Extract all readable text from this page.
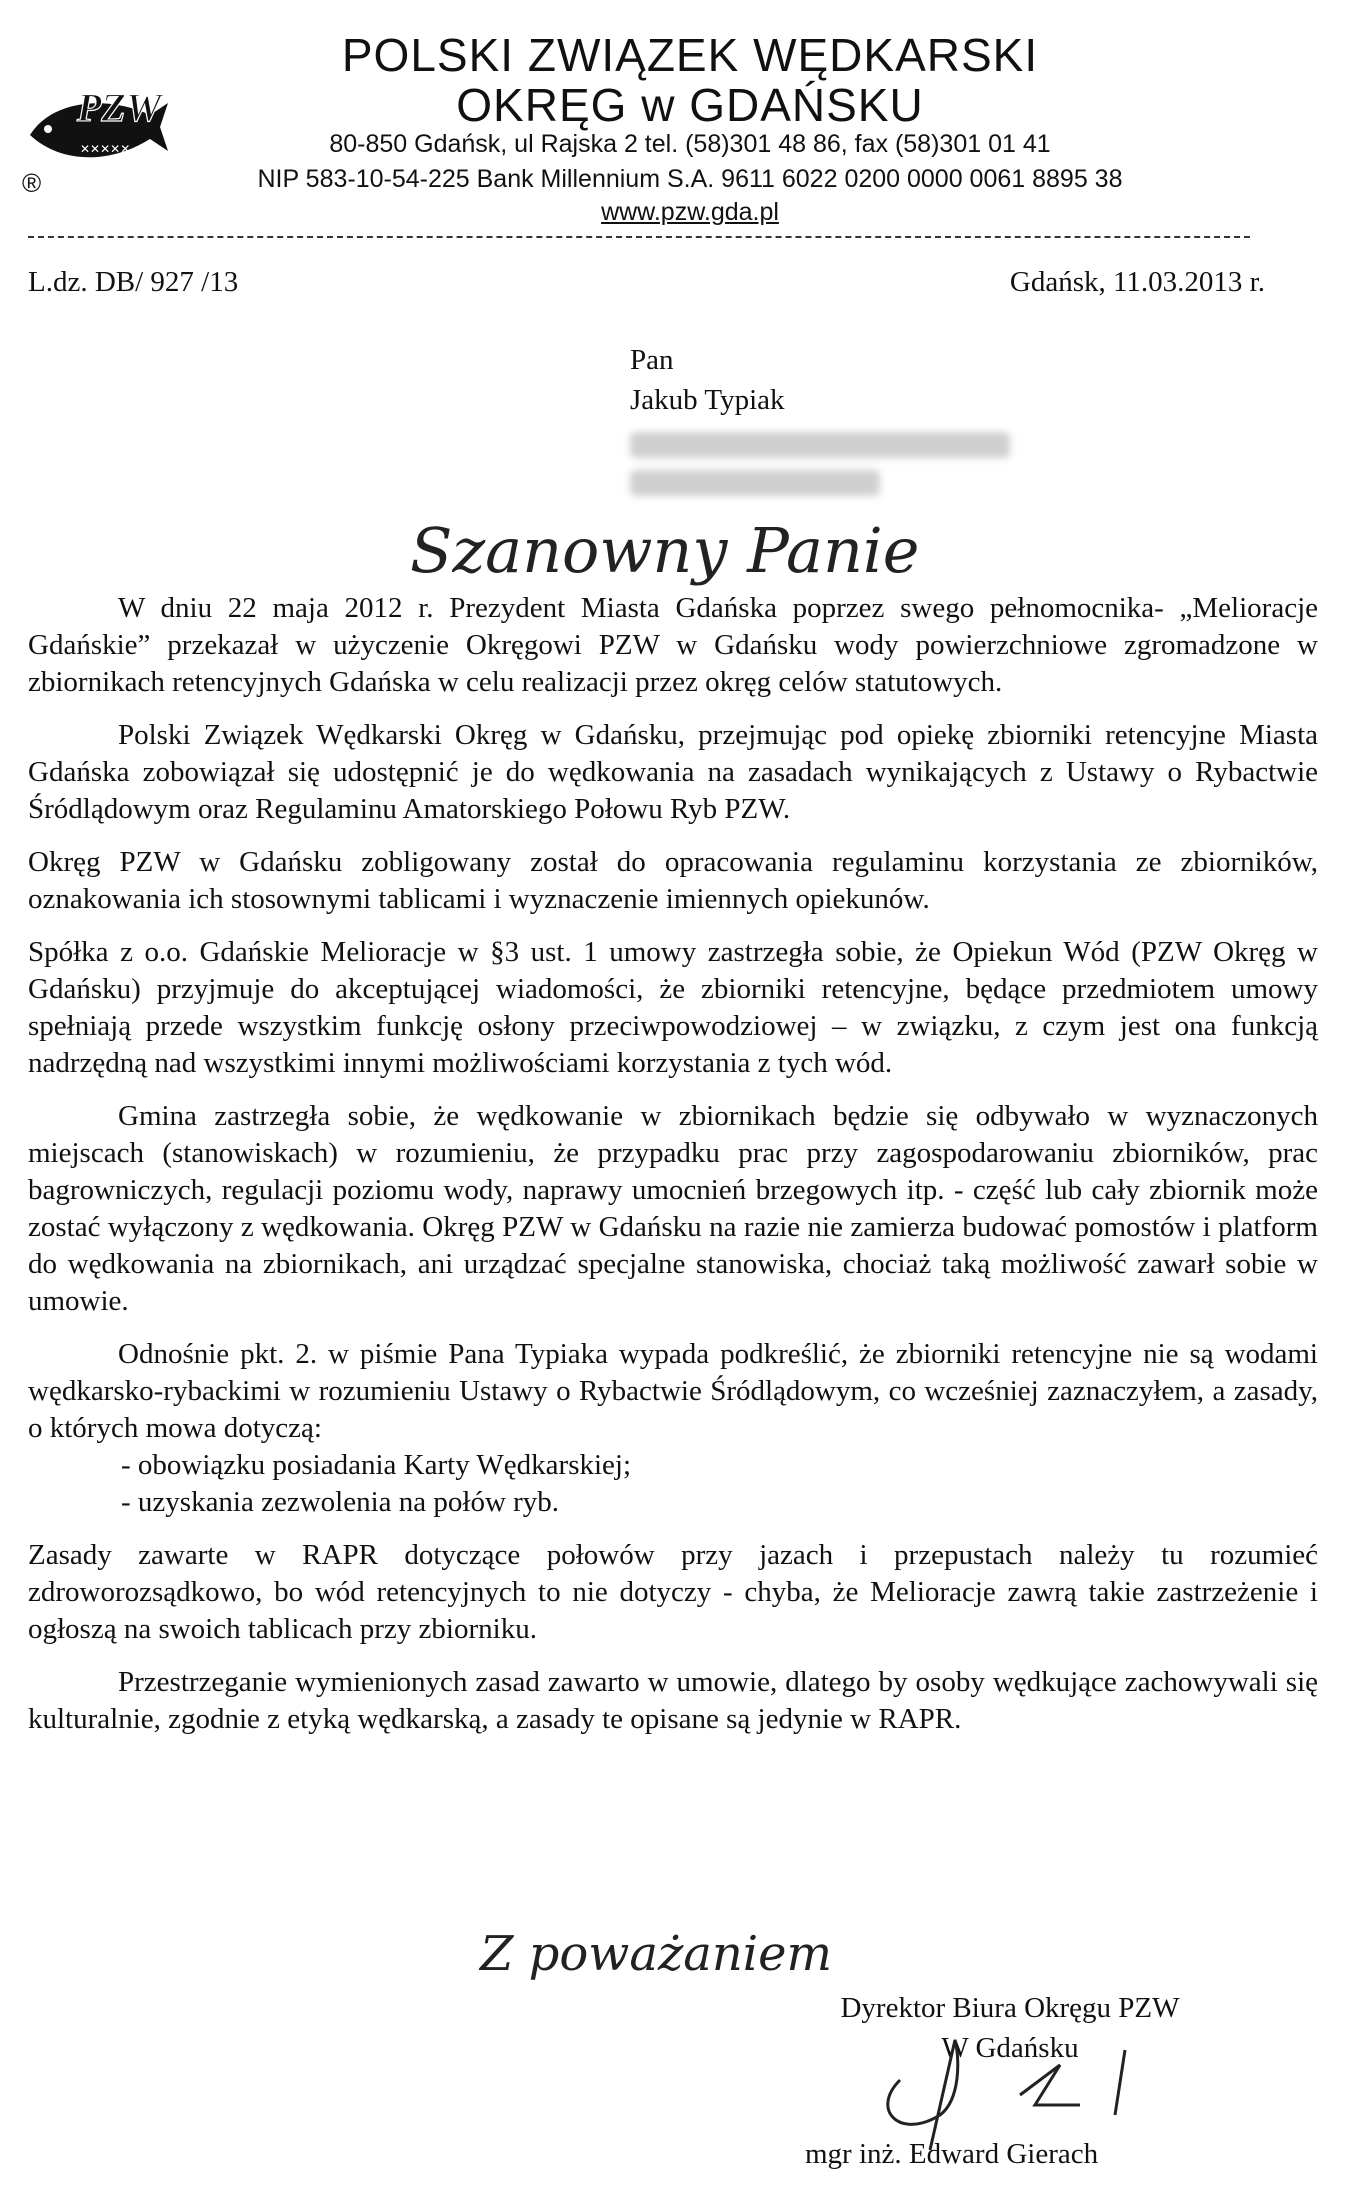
PZW
✕✕✕✕✕
®
POLSKI ZWIĄZEK WĘDKARSKI
OKRĘG w GDAŃSKU
80-850 Gdańsk, ul Rajska 2 tel. (58)301 48 86, fax (58)301 01 41
NIP 583-10-54-225 Bank Millennium S.A. 9611 6022 0200 0000 0061 8895 38
www.pzw.gda.pl
L.dz. DB/ 927 /13	Gdańsk, 11.03.2013 r.
Pan
Jakub Typiak
Szanowny Panie

W dniu 22 maja 2012 r. Prezydent Miasta Gdańska poprzez swego pełnomocnika- „Melioracje Gdańskie” przekazał w użyczenie Okręgowi PZW w Gdańsku wody powierzchniowe zgromadzone w zbiornikach retencyjnych Gdańska w celu realizacji przez okręg celów statutowych.

Polski Związek Wędkarski Okręg w Gdańsku, przejmując pod opiekę zbiorniki retencyjne Miasta Gdańska zobowiązał się udostępnić je do wędkowania na zasadach wynikających z Ustawy o Rybactwie Śródlądowym oraz Regulaminu Amatorskiego Połowu Ryb PZW.

Okręg PZW w Gdańsku zobligowany został do opracowania regulaminu korzystania ze zbiorników, oznakowania ich stosownymi tablicami i wyznaczenie imiennych opiekunów.

Spółka z o.o. Gdańskie Melioracje w §3 ust. 1 umowy zastrzegła sobie, że Opiekun Wód (PZW Okręg w Gdańsku) przyjmuje do akceptującej wiadomości, że zbiorniki retencyjne, będące przedmiotem umowy spełniają przede wszystkim funkcję osłony przeciwpowodziowej – w związku, z czym jest ona funkcją nadrzędną nad wszystkimi innymi możliwościami korzystania z tych wód.

Gmina zastrzegła sobie, że wędkowanie w zbiornikach będzie się odbywało w wyznaczonych miejscach (stanowiskach) w rozumieniu, że przypadku prac przy zagospodarowaniu zbiorników, prac bagrowniczych, regulacji poziomu wody, naprawy umocnień brzegowych itp. - część lub cały zbiornik może zostać wyłączony z wędkowania. Okręg PZW w Gdańsku na razie nie zamierza budować pomostów i platform do wędkowania na zbiornikach, ani urządzać specjalne stanowiska, chociaż taką możliwość zawarł sobie w umowie.

Odnośnie pkt. 2. w piśmie Pana Typiaka wypada podkreślić, że zbiorniki retencyjne nie są wodami wędkarsko-rybackimi w rozumieniu Ustawy o Rybactwie Śródlądowym, co wcześniej zaznaczyłem, a zasady, o których mowa dotyczą:

- obowiązku posiadania Karty Wędkarskiej;
- uzyskania zezwolenia na połów ryb.

Zasady zawarte w RAPR dotyczące połowów przy jazach i przepustach należy tu rozumieć zdroworozsądkowo, bo wód retencyjnych to nie dotyczy - chyba, że Melioracje zawrą takie zastrzeżenie i ogłoszą na swoich tablicach przy zbiorniku.

Przestrzeganie wymienionych zasad zawarto w umowie, dlatego by osoby wędkujące zachowywali się kulturalnie, zgodnie z etyką wędkarską, a zasady te opisane są jedynie w RAPR.

Z poważaniem
Dyrektor Biura Okręgu PZW
W Gdańsku
mgr inż. Edward Gierach
